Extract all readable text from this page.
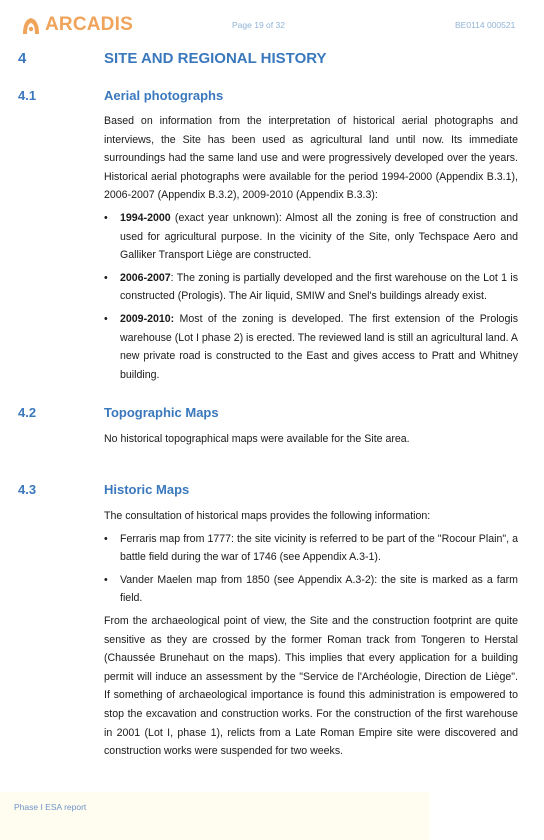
ARCADIS	Page 19 of 32	BE0114 000521
4	SITE AND REGIONAL HISTORY
4.1	Aerial photographs

Based on information from the interpretation of historical aerial photographs and interviews, the Site has been used as agricultural land until now. Its immediate surroundings had the same land use and were progressively developed over the years. Historical aerial photographs were available for the period 1994-2000 (Appendix B.3.1), 2006-2007 (Appendix B.3.2), 2009-2010 (Appendix B.3.3):

• 1994-2000 (exact year unknown): Almost all the zoning is free of construction and used for agricultural purpose. In the vicinity of the Site, only Techspace Aero and Galliker Transport Liège are constructed.
• 2006-2007: The zoning is partially developed and the first warehouse on the Lot 1 is constructed (Prologis). The Air liquid, SMIW and Snel's buildings already exist.
• 2009-2010: Most of the zoning is developed. The first extension of the Prologis warehouse (Lot I phase 2) is erected. The reviewed land is still an agricultural land. A new private road is constructed to the East and gives access to Pratt and Whitney building.
4.2	Topographic Maps

No historical topographical maps were available for the Site area.

4.3	Historic Maps

The consultation of historical maps provides the following information:

• Ferraris map from 1777: the site vicinity is referred to be part of the "Rocour Plain", a battle field during the war of 1746 (see Appendix A.3-1).
• Vander Maelen map from 1850 (see Appendix A.3-2): the site is marked as a farm field.

From the archaeological point of view, the Site and the construction footprint are quite sensitive as they are crossed by the former Roman track from Tongeren to Herstal (Chaussée Brunehaut on the maps). This implies that every application for a building permit will induce an assessment by the "Service de l'Archéologie, Direction de Liège". If something of archaeological importance is found this administration is empowered to stop the excavation and construction works. For the construction of the first warehouse in 2001 (Lot I, phase 1), relicts from a Late Roman Empire site were discovered and construction works were suspended for two weeks.

Phase I ESA report
